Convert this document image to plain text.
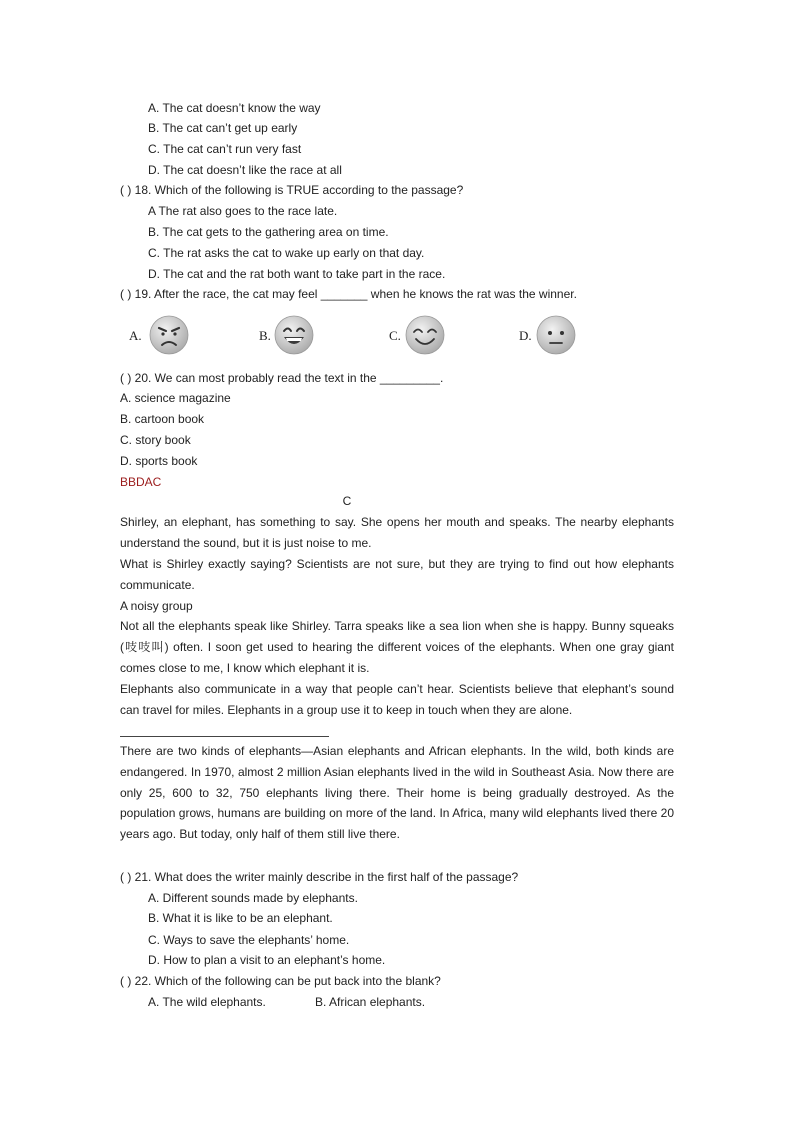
A. The cat doesn’t know the way
B. The cat can’t get up early
C. The cat can’t run very fast
D. The cat doesn’t like the race at all
( ) 18. Which of the following is TRUE according to the passage?
A The rat also goes to the race late.
B. The cat gets to the gathering area on time.
C. The rat asks the cat to wake up early on that day.
D. The cat and the rat both want to take part in the race.
( ) 19. After the race, the cat may feel _______ when he knows the rat was the winner.
A.	B.	C.	D.
( ) 20. We can most probably read the text in the _________.
A. science magazine
B. cartoon book
C. story book
D. sports book
BBDAC
C
Shirley, an elephant, has something to say. She opens her mouth and speaks. The nearby elephants understand the sound, but it is just noise to me.
What is Shirley exactly saying? Scientists are not sure, but they are trying to find out how elephants communicate.
A noisy group
Not all the elephants speak like Shirley. Tarra speaks like a sea lion when she is happy. Bunny squeaks (吱吱叫) often. I soon get used to hearing the different voices of the elephants. When one gray giant comes close to me, I know which elephant it is.
Elephants also communicate in a way that people can’t hear. Scientists believe that elephant’s sound can travel for miles. Elephants in a group use it to keep in touch when they are alone.
There are two kinds of elephants—Asian elephants and African elephants. In the wild, both kinds are endangered. In 1970, almost 2 million Asian elephants lived in the wild in Southeast Asia. Now there are only 25, 600 to 32, 750 elephants living there. Their home is being gradually destroyed. As the population grows, humans are building on more of the land. In Africa, many wild elephants lived there 20 years ago. But today, only half of them still live there.
( ) 21. What does the writer mainly describe in the first half of the passage?
A. Different sounds made by elephants.
B. What it is like to be an elephant.
C. Ways to save the elephants’ home.
D. How to plan a visit to an elephant’s home.
( ) 22. Which of the following can be put back into the blank?
A. The wild elephants.	B. African elephants.
